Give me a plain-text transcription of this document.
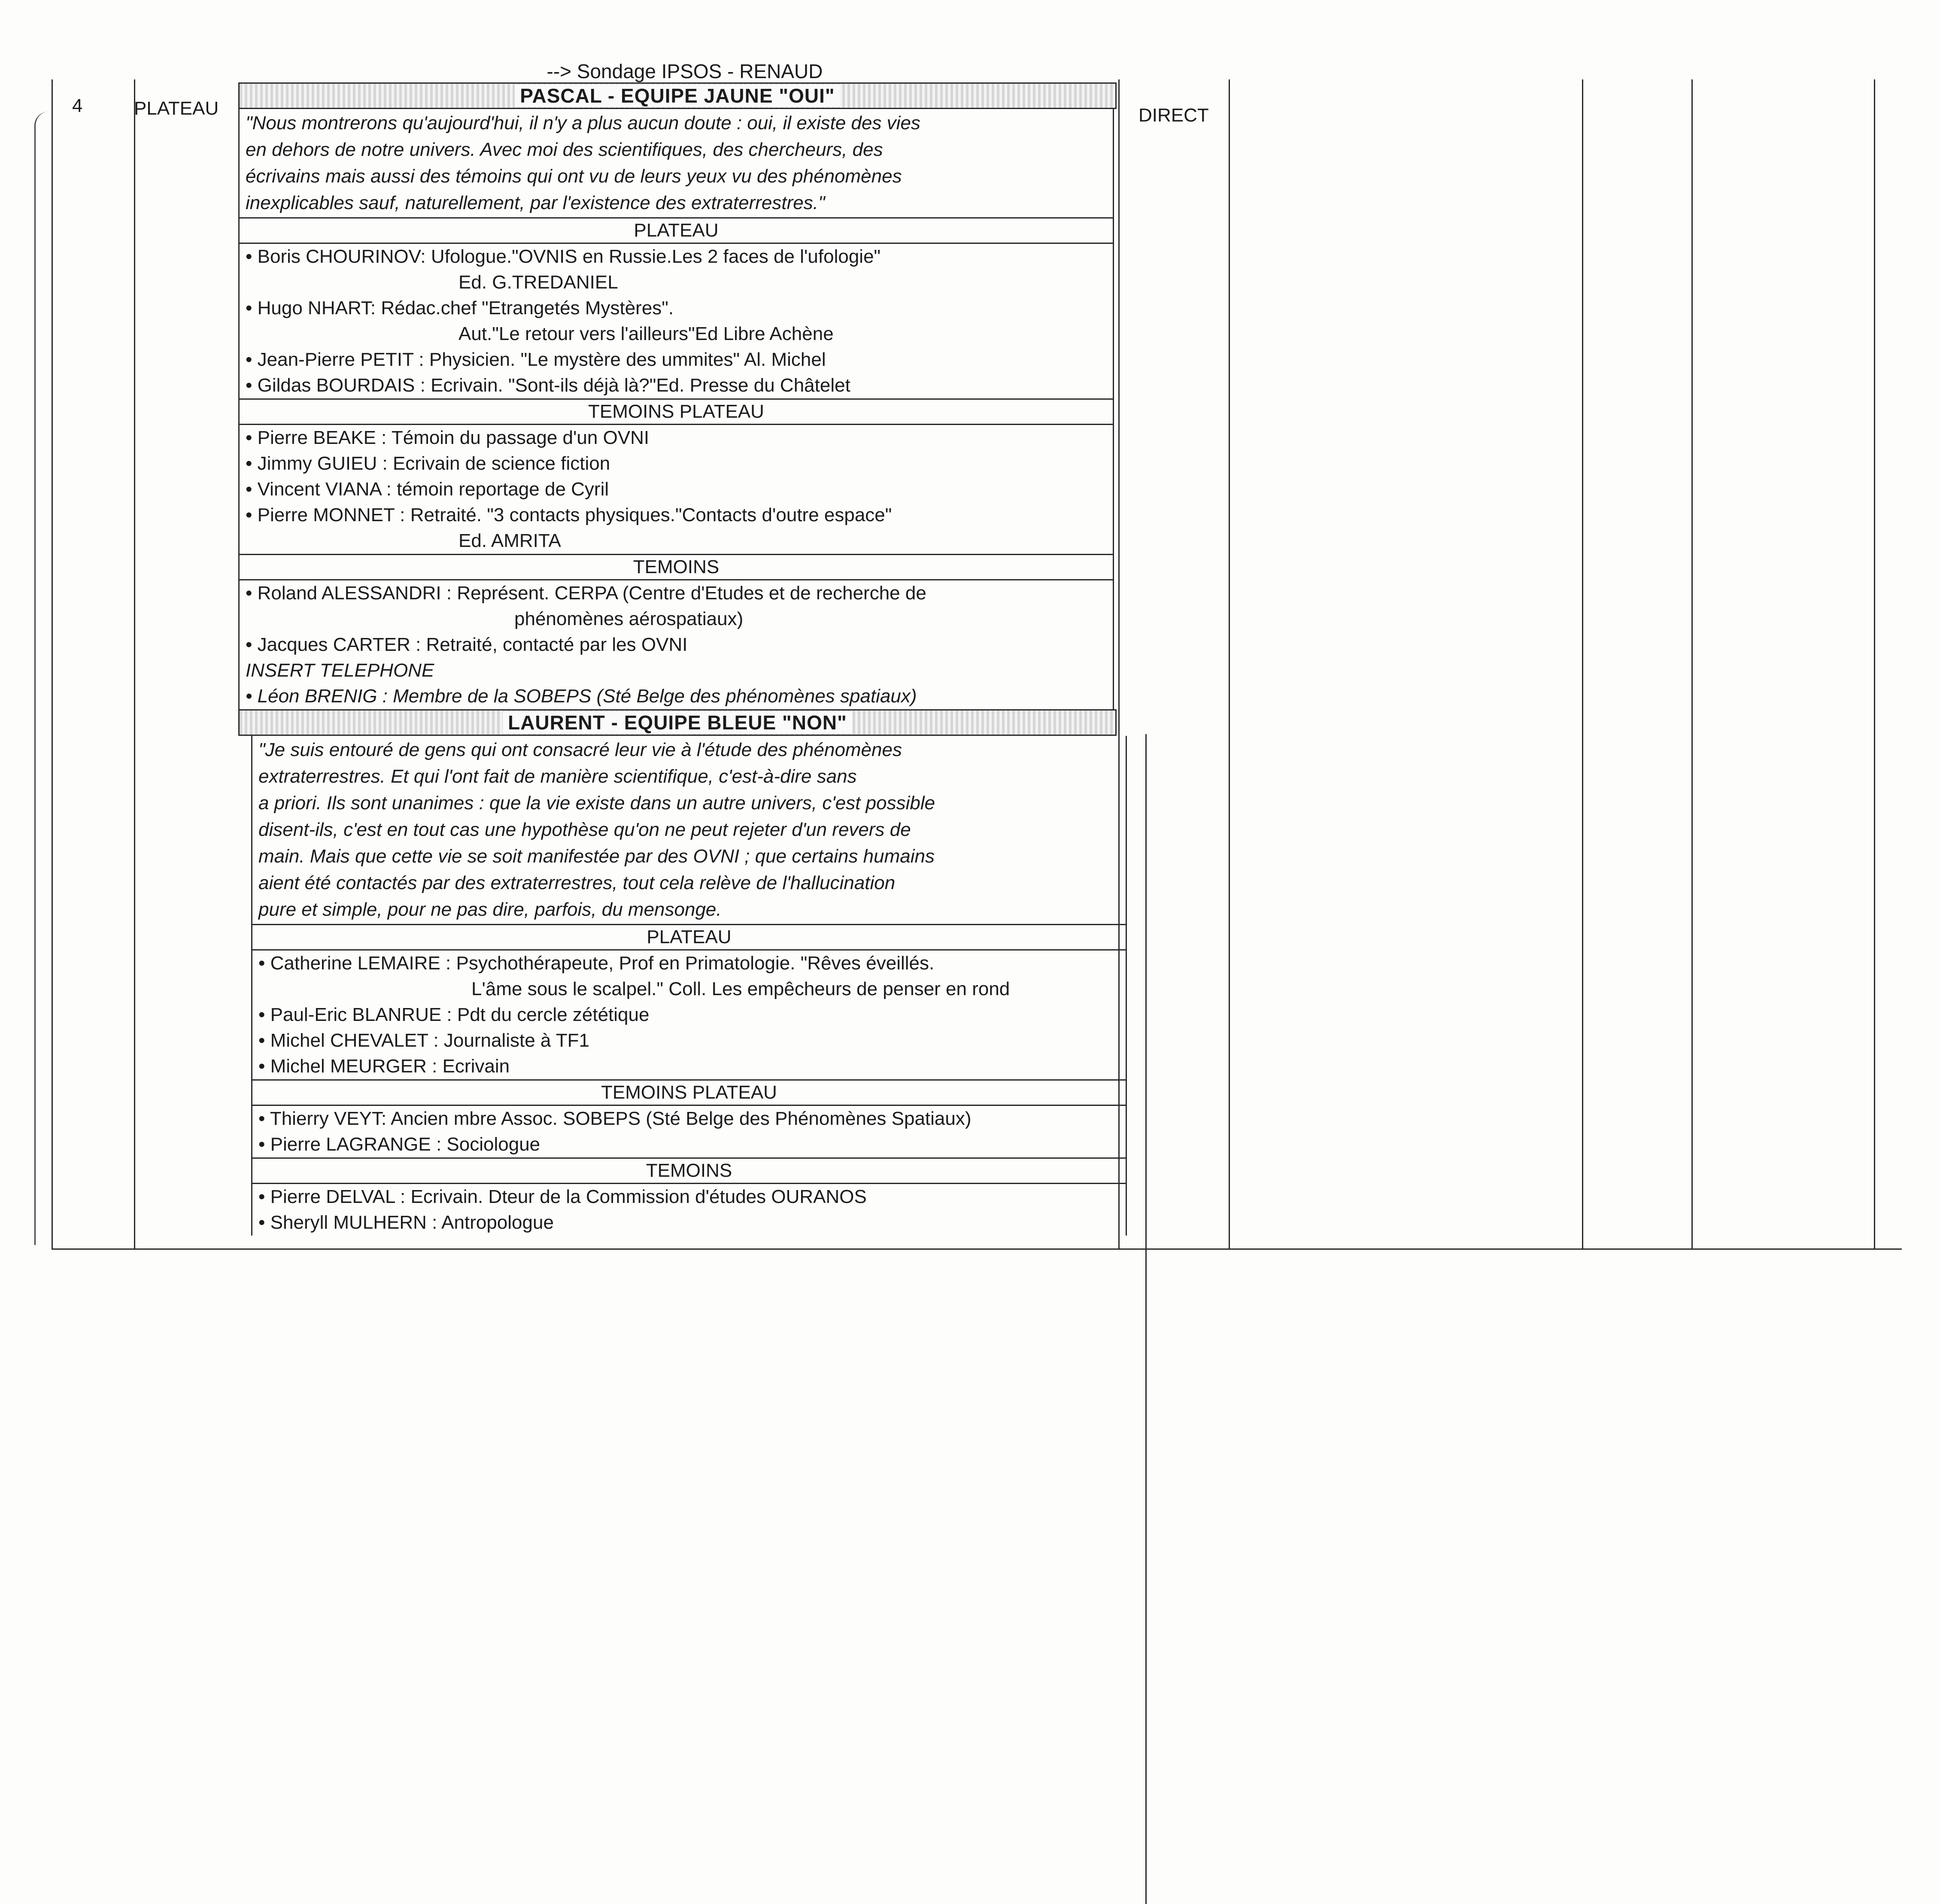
4	PLATEAU	DIRECT
--> Sondage IPSOS - RENAUD
PASCAL - EQUIPE JAUNE "OUI"
"Nous montrerons qu'aujourd'hui, il n'y a plus aucun doute : oui, il existe des vies
en dehors de notre univers. Avec moi des scientifiques, des chercheurs, des
écrivains mais aussi des témoins qui ont vu de leurs yeux vu des phénomènes
inexplicables sauf, naturellement, par l'existence des extraterrestres."
PLATEAU
• Boris CHOURINOV: Ufologue."OVNIS en Russie.Les 2 faces de l'ufologie"
Ed. G.TREDANIEL
• Hugo NHART: Rédac.chef "Etrangetés Mystères".
Aut."Le retour vers l'ailleurs"Ed Libre Achène
• Jean-Pierre PETIT : Physicien. "Le mystère des ummites" Al. Michel
• Gildas BOURDAIS : Ecrivain. "Sont-ils déjà là?"Ed. Presse du Châtelet
TEMOINS PLATEAU
• Pierre BEAKE : Témoin du passage d'un OVNI
• Jimmy GUIEU : Ecrivain de science fiction
• Vincent VIANA : témoin reportage de Cyril
• Pierre MONNET : Retraité. "3 contacts physiques."Contacts d'outre espace"
Ed. AMRITA
TEMOINS
• Roland ALESSANDRI : Représent. CERPA (Centre d'Etudes et de recherche de
phénomènes aérospatiaux)
• Jacques CARTER : Retraité, contacté par les OVNI
INSERT TELEPHONE
• Léon BRENIG : Membre de la SOBEPS (Sté Belge des phénomènes spatiaux)
LAURENT - EQUIPE BLEUE "NON"
"Je suis entouré de gens qui ont consacré leur vie à l'étude des phénomènes
extraterrestres. Et qui l'ont fait de manière scientifique, c'est-à-dire sans
a priori. Ils sont unanimes : que la vie existe dans un autre univers, c'est possible
disent-ils, c'est en tout cas une hypothèse qu'on ne peut rejeter d'un revers de
main. Mais que cette vie se soit manifestée par des OVNI ; que certains humains
aient été contactés par des extraterrestres, tout cela relève de l'hallucination
pure et simple, pour ne pas dire, parfois, du mensonge.
PLATEAU
• Catherine LEMAIRE : Psychothérapeute, Prof en Primatologie. "Rêves éveillés.
L'âme sous le scalpel." Coll. Les empêcheurs de penser en rond
• Paul-Eric BLANRUE : Pdt du cercle zététique
• Michel CHEVALET : Journaliste à TF1
• Michel MEURGER : Ecrivain
TEMOINS PLATEAU
• Thierry VEYT: Ancien mbre Assoc. SOBEPS (Sté Belge des Phénomènes Spatiaux)
• Pierre LAGRANGE : Sociologue
TEMOINS
• Pierre DELVAL : Ecrivain. Dteur de la Commission d'études OURANOS
• Sheryll MULHERN : Antropologue
